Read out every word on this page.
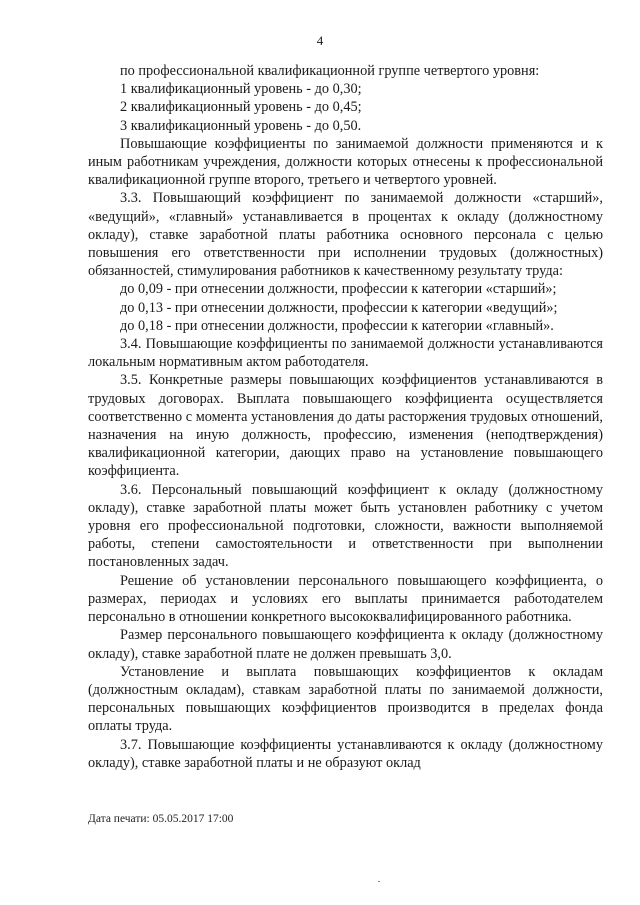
4

по профессиональной квалификационной группе четвертого уровня:

1 квалификационный уровень - до 0,30;

2 квалификационный уровень - до 0,45;

3 квалификационный уровень - до 0,50.

Повышающие коэффициенты по занимаемой должности применяются и к иным работникам учреждения, должности которых отнесены к профессиональной квалификационной группе второго, третьего и четвертого уровней.

3.3. Повышающий коэффициент по занимаемой должности «старший», «ведущий», «главный» устанавливается в процентах к окладу (должностному окладу), ставке заработной платы работника основного персонала с целью повышения его ответственности при исполнении трудовых (должностных) обязанностей, стимулирования работников к качественному результату труда:

до 0,09 - при отнесении должности, профессии к категории «старший»;

до 0,13 - при отнесении должности, профессии к категории «ведущий»;

до 0,18 - при отнесении должности, профессии к категории «главный».

3.4. Повышающие коэффициенты по занимаемой должности устанавливаются локальным нормативным актом работодателя.

3.5. Конкретные размеры повышающих коэффициентов устанавливаются в трудовых договорах. Выплата повышающего коэффициента осуществляется соответственно с момента установления до даты расторжения трудовых отношений, назначения на иную должность, профессию, изменения (неподтверждения) квалификационной категории, дающих право на установление повышающего коэффициента.

3.6. Персональный повышающий коэффициент к окладу (должностному окладу), ставке заработной платы может быть установлен работнику с учетом уровня его профессиональной подготовки, сложности, важности выполняемой работы, степени самостоятельности и ответственности при выполнении постановленных задач.

Решение об установлении персонального повышающего коэффициента, о размерах, периодах и условиях его выплаты принимается работодателем персонально в отношении конкретного высококвалифицированного работника.

Размер персонального повышающего коэффициента к окладу (должностному окладу), ставке заработной плате не должен превышать 3,0.

Установление и выплата повышающих коэффициентов к окладам (должностным окладам), ставкам заработной платы по занимаемой должности, персональных повышающих коэффициентов производится в пределах фонда оплаты труда.

3.7. Повышающие коэффициенты устанавливаются к окладу (должностному окладу), ставке заработной платы и не образуют оклад

Дата печати: 05.05.2017 17:00
